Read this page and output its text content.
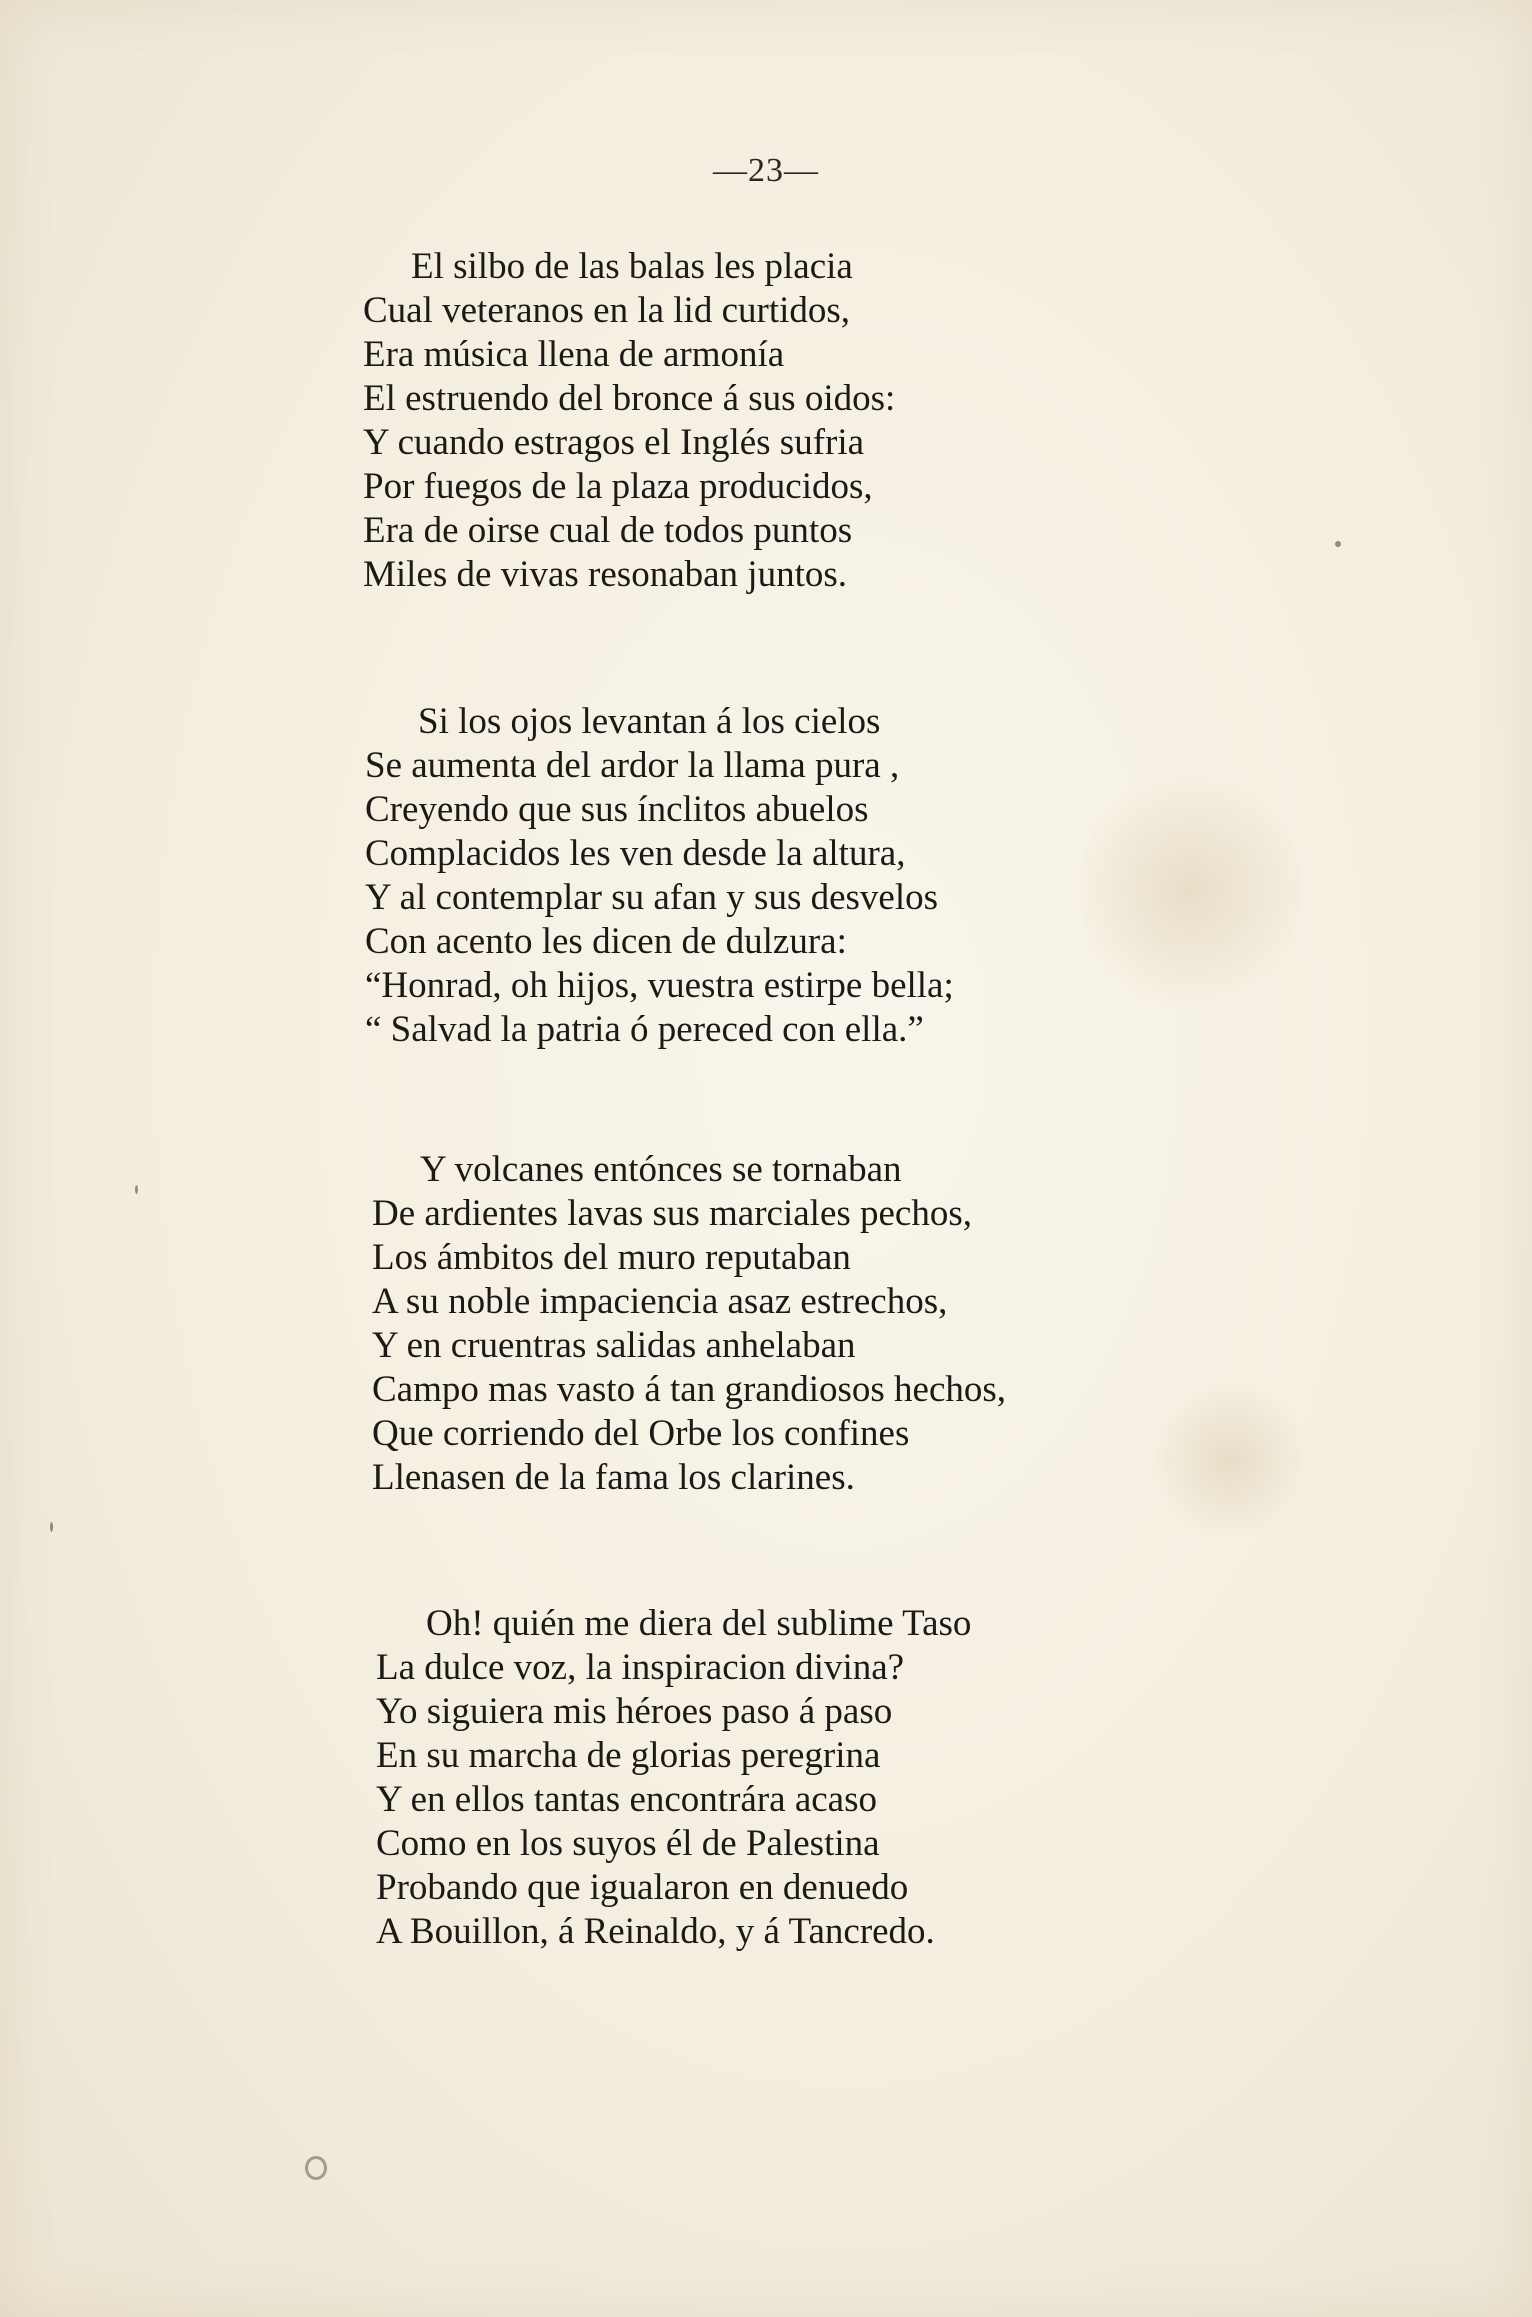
—23—
El silbo de las balas les placia
Cual veteranos en la lid curtidos,
Era música llena de armonía
El estruendo del bronce á sus oidos:
Y cuando estragos el Inglés sufria
Por fuegos de la plaza producidos,
Era de oirse cual de todos puntos
Miles de vivas resonaban juntos.
Si los ojos levantan á los cielos
Se aumenta del ardor la llama pura ,
Creyendo que sus ínclitos abuelos
Complacidos les ven desde la altura,
Y al contemplar su afan y sus desvelos
Con acento les dicen de dulzura:
“Honrad, oh hijos, vuestra estirpe bella;
“ Salvad la patria ó pereced con ella.”
Y volcanes entónces se tornaban
De ardientes lavas sus marciales pechos,
Los ámbitos del muro reputaban
A su noble impaciencia asaz estrechos,
Y en cruentras salidas anhelaban
Campo mas vasto á tan grandiosos hechos,
Que corriendo del Orbe los confines
Llenasen de la fama los clarines.
Oh! quién me diera del sublime Taso
La dulce voz, la inspiracion divina?
Yo siguiera mis héroes paso á paso
En su marcha de glorias peregrina
Y en ellos tantas encontrára acaso
Como en los suyos él de Palestina
Probando que igualaron en denuedo
A Bouillon, á Reinaldo, y á Tancredo.
